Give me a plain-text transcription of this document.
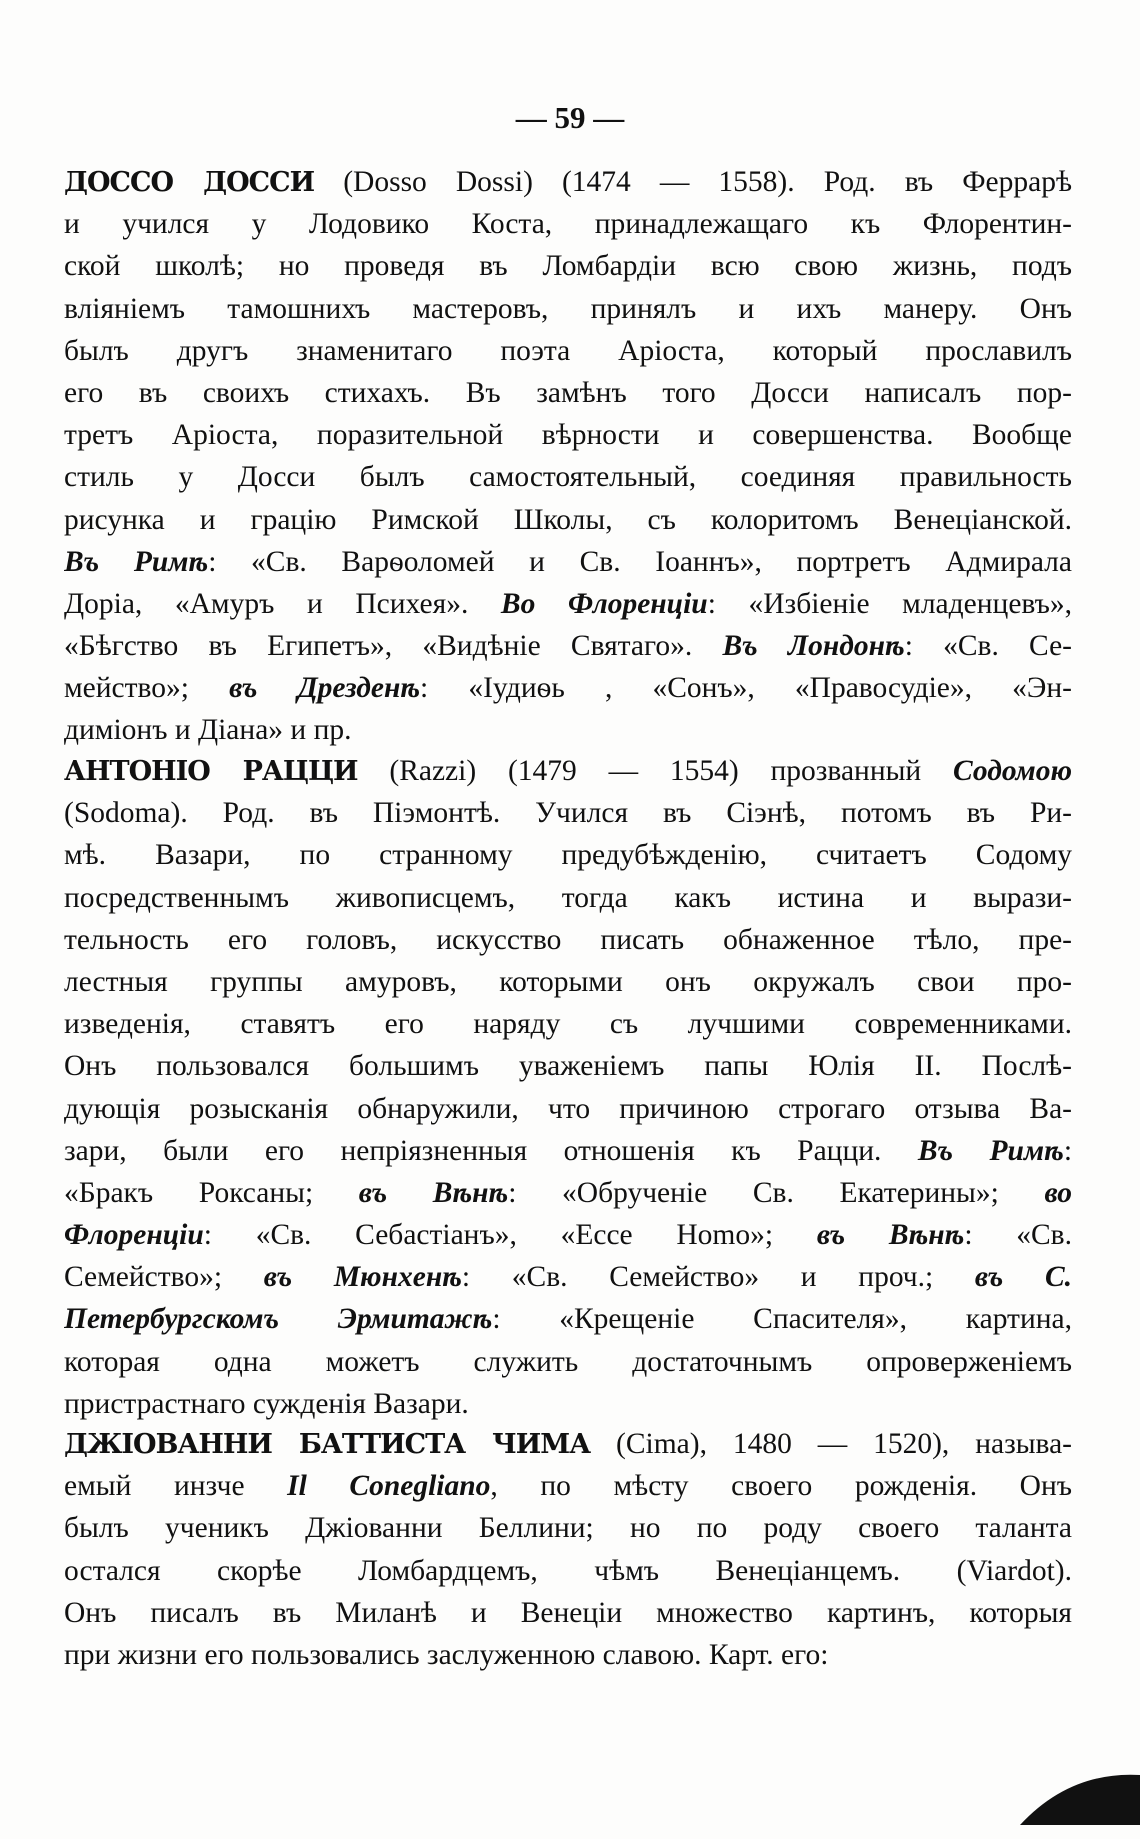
— 59 —
ДОССО ДОССИ (Dosso Dossi) (1474 — 1558). Род. въ Феррарѣ
и учился у Лодовико Коста, принадлежащаго къ Флорентин-
ской школѣ; но проведя въ Ломбардіи всю свою жизнь, подъ
вліяніемъ тамошнихъ мастеровъ, принялъ и ихъ манеру. Онъ
былъ другъ знаменитаго поэта Аріоста, который прославилъ
его въ своихъ стихахъ. Въ замѣнъ того Досси написалъ пор-
третъ Аріоста, поразительной вѣрности и совершенства. Вообще
стиль у Досси былъ самостоятельный, соединяя правильность
рисунка и грацію Римской Школы, съ колоритомъ Венеціанской.
Въ Римѣ: «Св. Варѳоломей и Св. Іоаннъ», портретъ Адмирала
Доріа, «Амуръ и Психея». Во Флоренціи: «Избіеніе младенцевъ»,
«Бѣгство въ Египетъ», «Видѣніе Святаго». Въ Лондонѣ: «Св. Се-
мейство»; въ Дрезденѣ: «Іудиѳь , «Сонъ», «Правосудіе», «Эн-
диміонъ и Діана» и пр.
АНТОНІО РАЦЦИ (Razzi) (1479 — 1554) прозванный Содомою
(Sodoma). Род. въ Піэмонтѣ. Учился въ Сіэнѣ, потомъ въ Ри-
мѣ. Вазари, по странному предубѣжденію, считаетъ Содому
посредственнымъ живописцемъ, тогда какъ истина и вырази-
тельность его головъ, искусство писать обнаженное тѣло, пре-
лестныя группы амуровъ, которыми онъ окружалъ свои про-
изведенія, ставятъ его наряду съ лучшими современниками.
Онъ пользовался большимъ уваженіемъ папы Юлія II. Послѣ-
дующія розысканія обнаружили, что причиною строгаго отзыва Ва-
зари, были его непріязненныя отношенія къ Рацци. Въ Римѣ:
«Бракъ Роксаны; въ Вѣнѣ: «Обрученіе Св. Екатерины»; во
Флоренціи: «Св. Себастіанъ», «Ecce Homo»; въ Вѣнѣ: «Св.
Семейство»; въ Мюнхенѣ: «Св. Семейство» и проч.; въ С.
Петербургскомъ Эрмитажѣ: «Крещеніе Спасителя», картина,
которая одна можетъ служить достаточнымъ опроверженіемъ
пристрастнаго сужденія Вазари.
ДЖІОВАННИ БАТТИСТА ЧИМА (Cima), 1480 — 1520), называ-
емый инзче Il Conegliano, по мѣсту своего рожденія. Онъ
былъ ученикъ Джіованни Беллини; но по роду своего таланта
остался скорѣе Ломбардцемъ, чѣмъ Венеціанцемъ. (Viardot).
Онъ писалъ въ Миланѣ и Венеціи множество картинъ, которыя
при жизни его пользовались заслуженною славою. Карт. его:
